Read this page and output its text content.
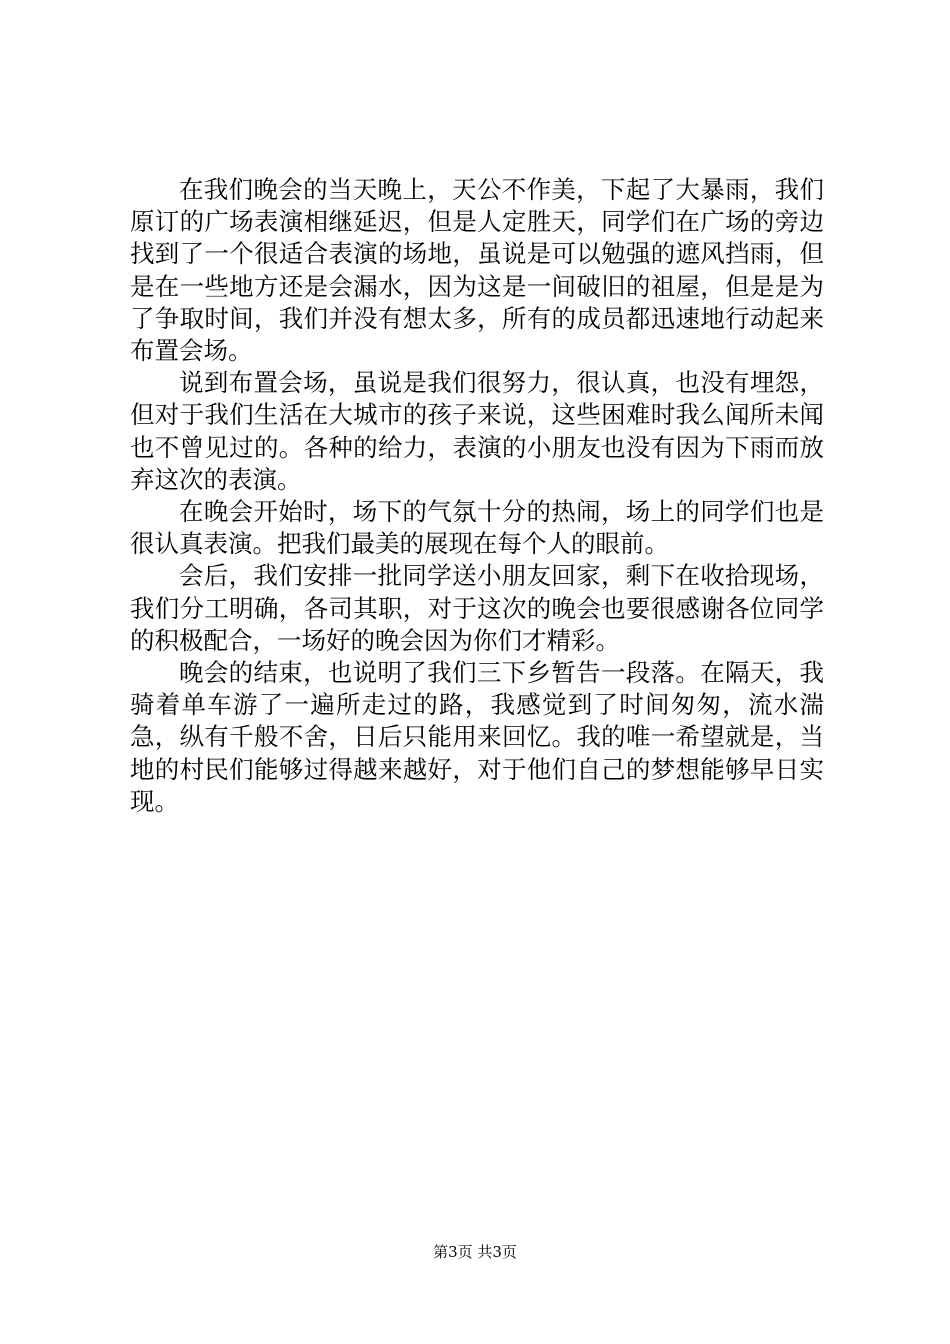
在我们晚会的当天晚上，天公不作美，下起了大暴雨，我们原订的广场表演相继延迟，但是人定胜天，同学们在广场的旁边找到了一个很适合表演的场地，虽说是可以勉强的遮风挡雨，但是在一些地方还是会漏水，因为这是一间破旧的祖屋，但是是为了争取时间，我们并没有想太多，所有的成员都迅速地行动起来布置会场。

说到布置会场，虽说是我们很努力，很认真，也没有埋怨，但对于我们生活在大城市的孩子来说，这些困难时我么闻所未闻也不曾见过的。各种的给力，表演的小朋友也没有因为下雨而放弃这次的表演。

在晚会开始时，场下的气氛十分的热闹，场上的同学们也是很认真表演。把我们最美的展现在每个人的眼前。

会后，我们安排一批同学送小朋友回家，剩下在收拾现场，我们分工明确，各司其职，对于这次的晚会也要很感谢各位同学的积极配合，一场好的晚会因为你们才精彩。

晚会的结束，也说明了我们三下乡暂告一段落。在隔天，我骑着单车游了一遍所走过的路，我感觉到了时间匆匆，流水湍急，纵有千般不舍，日后只能用来回忆。我的唯一希望就是，当地的村民们能够过得越来越好，对于他们自己的梦想能够早日实现。

第3页 共3页
